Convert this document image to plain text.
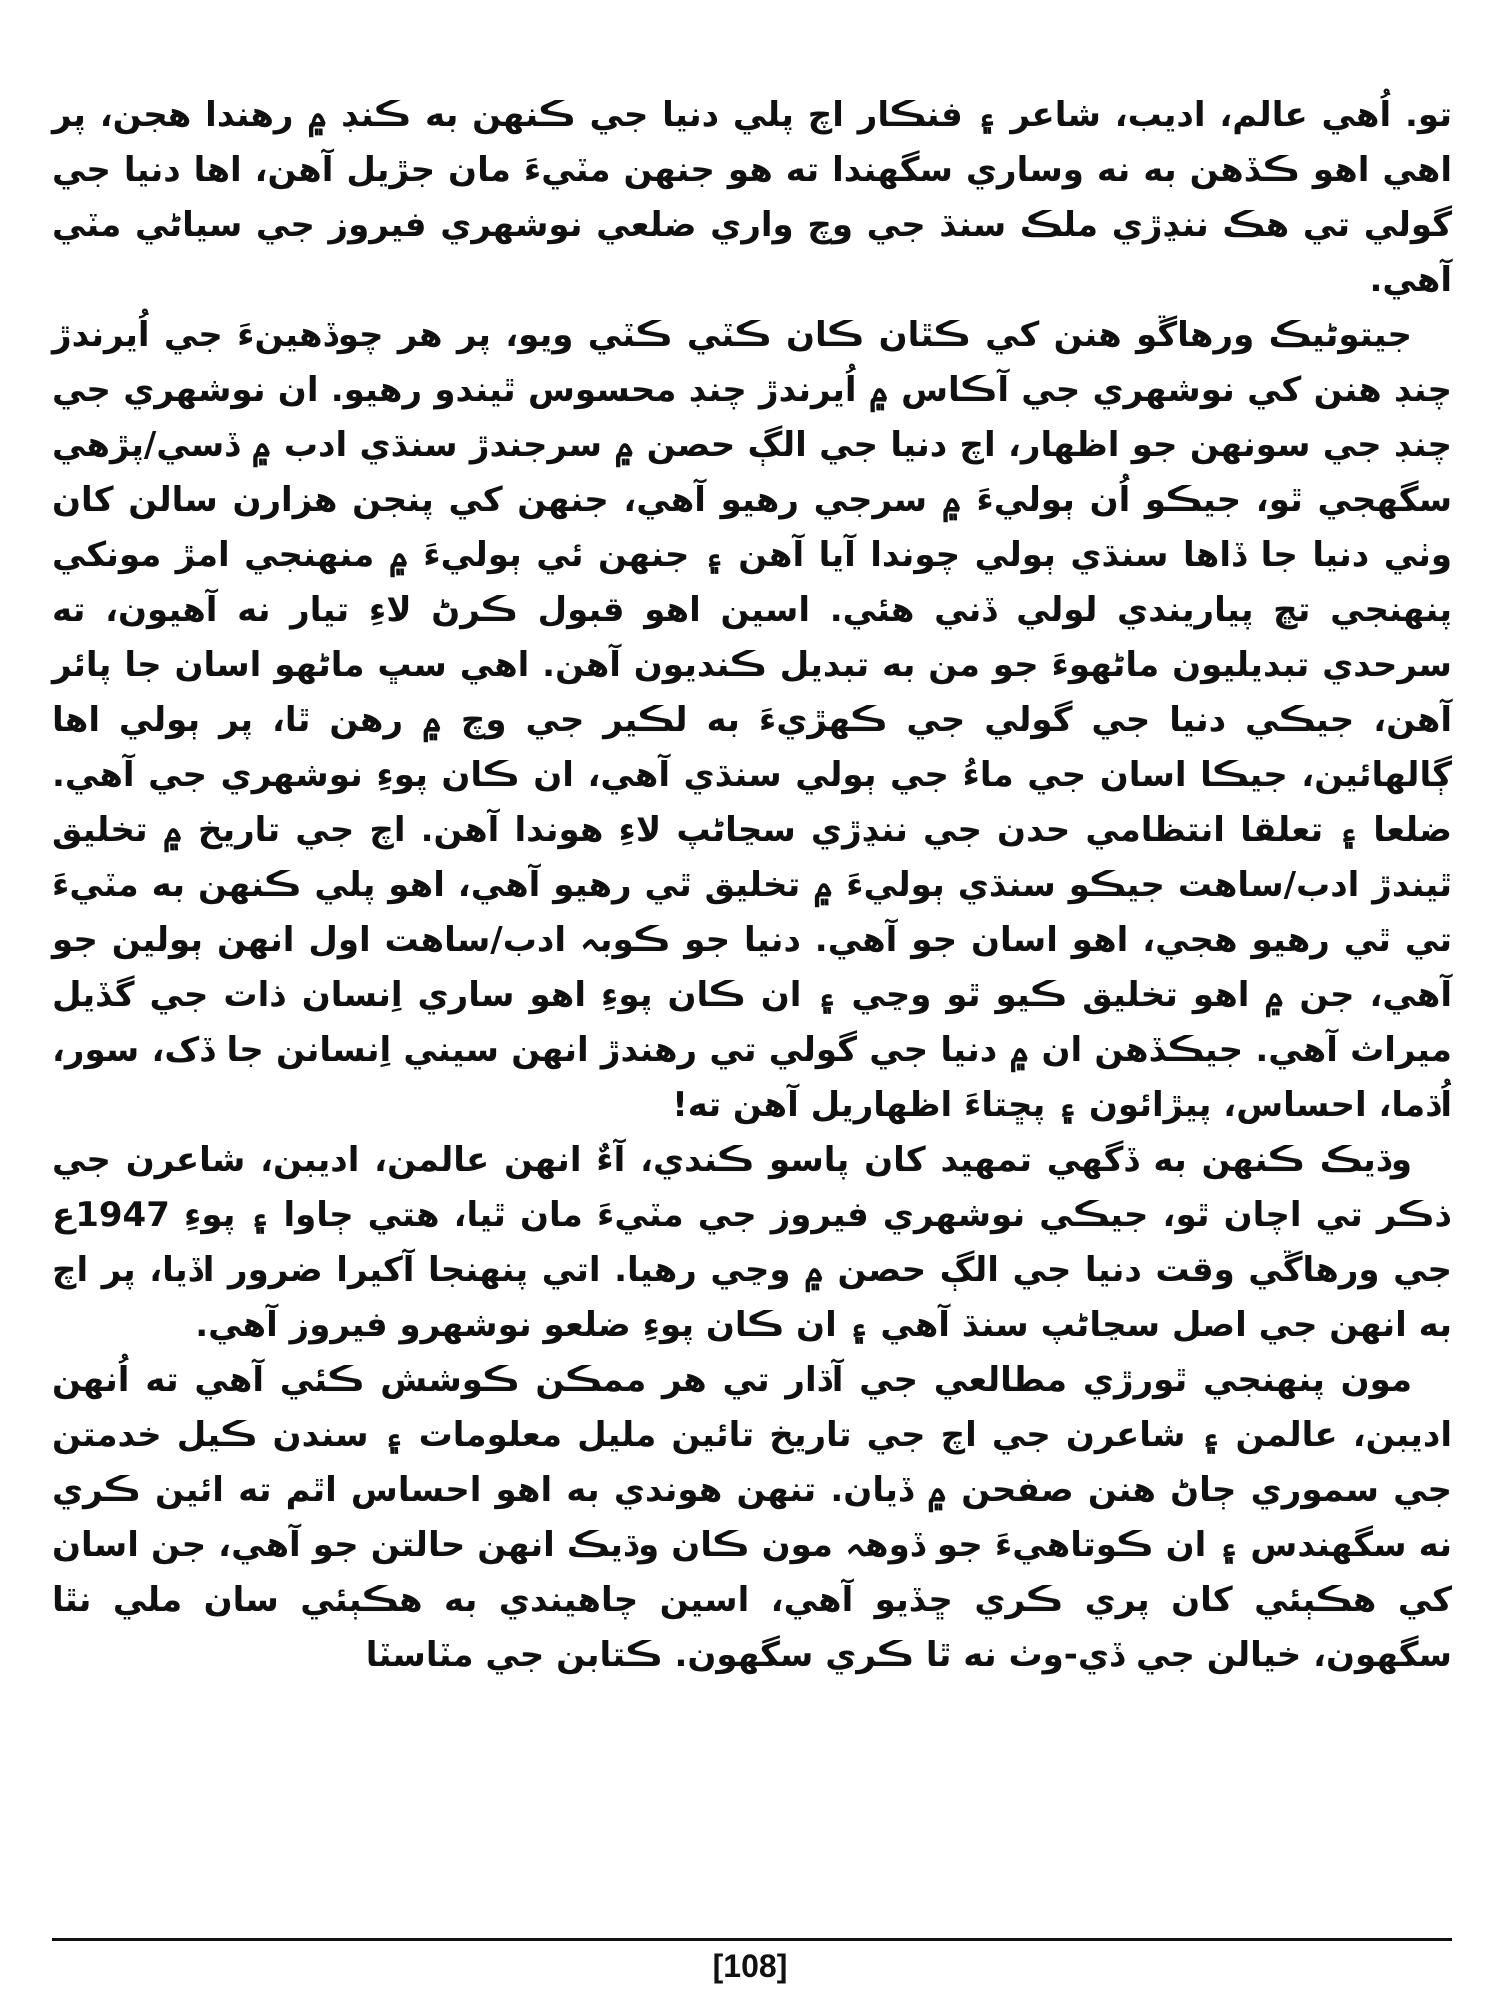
تو. اُهي عالم، اديب، شاعر ۽ فنڪار اچ پلي دنيا جي ڪنهن به ڪنڊ ۾ رهندا هجن، پر اهي اهو ڪڏهن به نه وساري سگهندا ته هو جنهن مٽيءَ مان جڙيل آهن، اها دنيا جي گولي تي هڪ ننڍڙي ملڪ سنڌ جي وچ واري ضلعي نوشهري فيروز جي سياڻي مٽي آهي.

جيتوڻيڪ ورهاڱو هنن کي ڪٿان ڪان ڪٽي ڪٽي ويو، پر هر چوڏهينءَ جي اُيرندڙ چنڊ هنن کي نوشهري جي آڪاس ۾ اُيرندڙ چنڊ محسوس ٿيندو رهيو. ان نوشهري جي چنڊ جي سونهن جو اظهار، اچ دنيا جي الڳ حصن ۾ سرجندڙ سنڌي ادب ۾ ڏسي/پڙهي سگهجي ٿو، جيڪو اُن ٻوليءَ ۾ سرجي رهيو آهي، جنهن کي پنجن هزارن سالن کان وٺي دنيا جا ڏاها سنڌي ٻولي چوندا آيا آهن ۽ جنهن ئي ٻوليءَ ۾ منهنجي امڙ مونکي پنهنجي تڇ پياريندي لولي ڏني هئي. اسين اهو قبول ڪرڻ لاءِ تيار نه آهيون، ته سرحدي تبديليون ماڻهوءَ جو من به تبديل ڪنديون آهن. اهي سڀ ماڻهو اسان جا پائر آهن، جيڪي دنيا جي گولي جي ڪهڙيءَ به لڪير جي وچ ۾ رهن ٿا، پر ٻولي اها ڳالهائين، جيڪا اسان جي ماءُ جي ٻولي سنڌي آهي، ان ڪان پوءِ نوشهري جي آهي. ضلعا ۽ تعلقا انتظامي حدن جي ننڍڙي سڃاڻپ لاءِ هوندا آهن. اچ جي تاريخ ۾ تخليق ٿيندڙ ادب/ساهت جيڪو سنڌي ٻوليءَ ۾ تخليق ٿي رهيو آهي، اهو پلي ڪنهن به مٽيءَ تي ٿي رهيو هجي، اهو اسان جو آهي. دنيا جو ڪوبہ ادب/ساهت اول انهن ٻولين جو آهي، جن ۾ اهو تخليق ڪيو ٿو وڃي ۽ ان ڪان پوءِ اهو ساري اِنسان ذات جي گڏيل ميراث آهي. جيڪڏهن ان ۾ دنيا جي گولي تي رهندڙ انهن سيني اِنسانن جا ڏک، سور، اُڌما، احساس، پيڙائون ۽ پڇتاءَ اظهاريل آهن ته!

وڌيڪ ڪنهن به ڏگهي تمهيد کان پاسو ڪندي، آءٌ انهن عالمن، اديبن، شاعرن جي ذڪر تي اچان ٿو، جيڪي نوشهري فيروز جي مٽيءَ مان ٿيا، هتي ڄاوا ۽ پوءِ 1947ع جي ورهاڱي وقت دنيا جي الڳ حصن ۾ وڃي رهيا. اتي پنهنجا آکيرا ضرور اڏيا، پر اچ به انهن جي اصل سڃاڻپ سنڌ آهي ۽ ان ڪان پوءِ ضلعو نوشهرو فيروز آهي.

مون پنهنجي ٿورڙي مطالعي جي آڌار تي هر ممڪن ڪوشش ڪئي آهي ته اُنهن اديبن، عالمن ۽ شاعرن جي اچ جي تاريخ تائين مليل معلومات ۽ سندن ڪيل خدمتن جي سموري ڄاڻ هنن صفحن ۾ ڏيان. تنهن هوندي به اهو احساس اٿم ته ائين ڪري نه سگهندس ۽ ان ڪوتاهيءَ جو ڏوهہ مون ڪان وڌيڪ انهن حالتن جو آهي، جن اسان کي هڪٻئي کان پري ڪري ڇڏيو آهي، اسين چاهيندي به هڪٻئي سان ملي نٿا سگهون، خيالن جي ڏي-وٺ نه ٿا ڪري سگهون. ڪتابن جي مٽاسٽا

[108]
